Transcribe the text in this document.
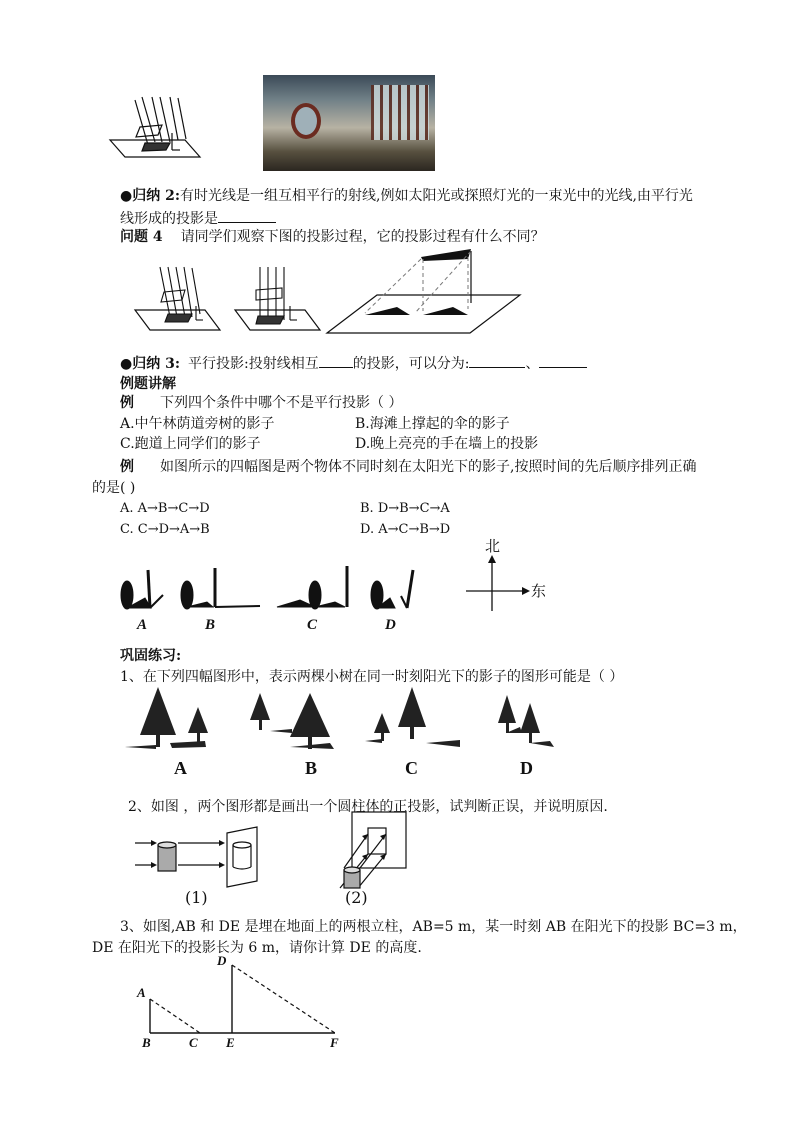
●归纳 2:有时光线是一组互相平行的射线,例如太阳光或探照灯光的一束光中的光线,由平行光
线形成的投影是
问题 4 请同学们观察下图的投影过程，它的投影过程有什么不同？
●归纳 3: 平行投影:投射线相互 的投影，可以分为:	、
例题讲解
例 下列四个条件中哪个不是平行投影（ ）
A.中午林荫道旁树的影子	B.海滩上撑起的伞的影子
C.跑道上同学们的影子	D.晚上亮亮的手在墙上的投影
例 如图所示的四幅图是两个物体不同时刻在太阳光下的影子,按照时间的先后顺序排列正确
的是( )
A. A→B→C→D	B. D→B→C→A
C. C→D→A→B	D. A→C→B→D
A	B	C	D
北
东
巩固练习:
1、在下列四幅图形中，表示两棵小树在同一时刻阳光下的影子的图形可能是（ ）
A	B	C	D
2、如图 ，两个图形都是画出一个圆柱体的正投影，试判断正误，并说明原因.
(1)	(2)
3、如图,AB 和 DE 是埋在地面上的两根立柱，AB=5 m，某一时刻 AB 在阳光下的投影 BC=3 m，
DE 在阳光下的投影长为 6 m，请你计算 DE 的高度.
A
B	C
D
E	F
